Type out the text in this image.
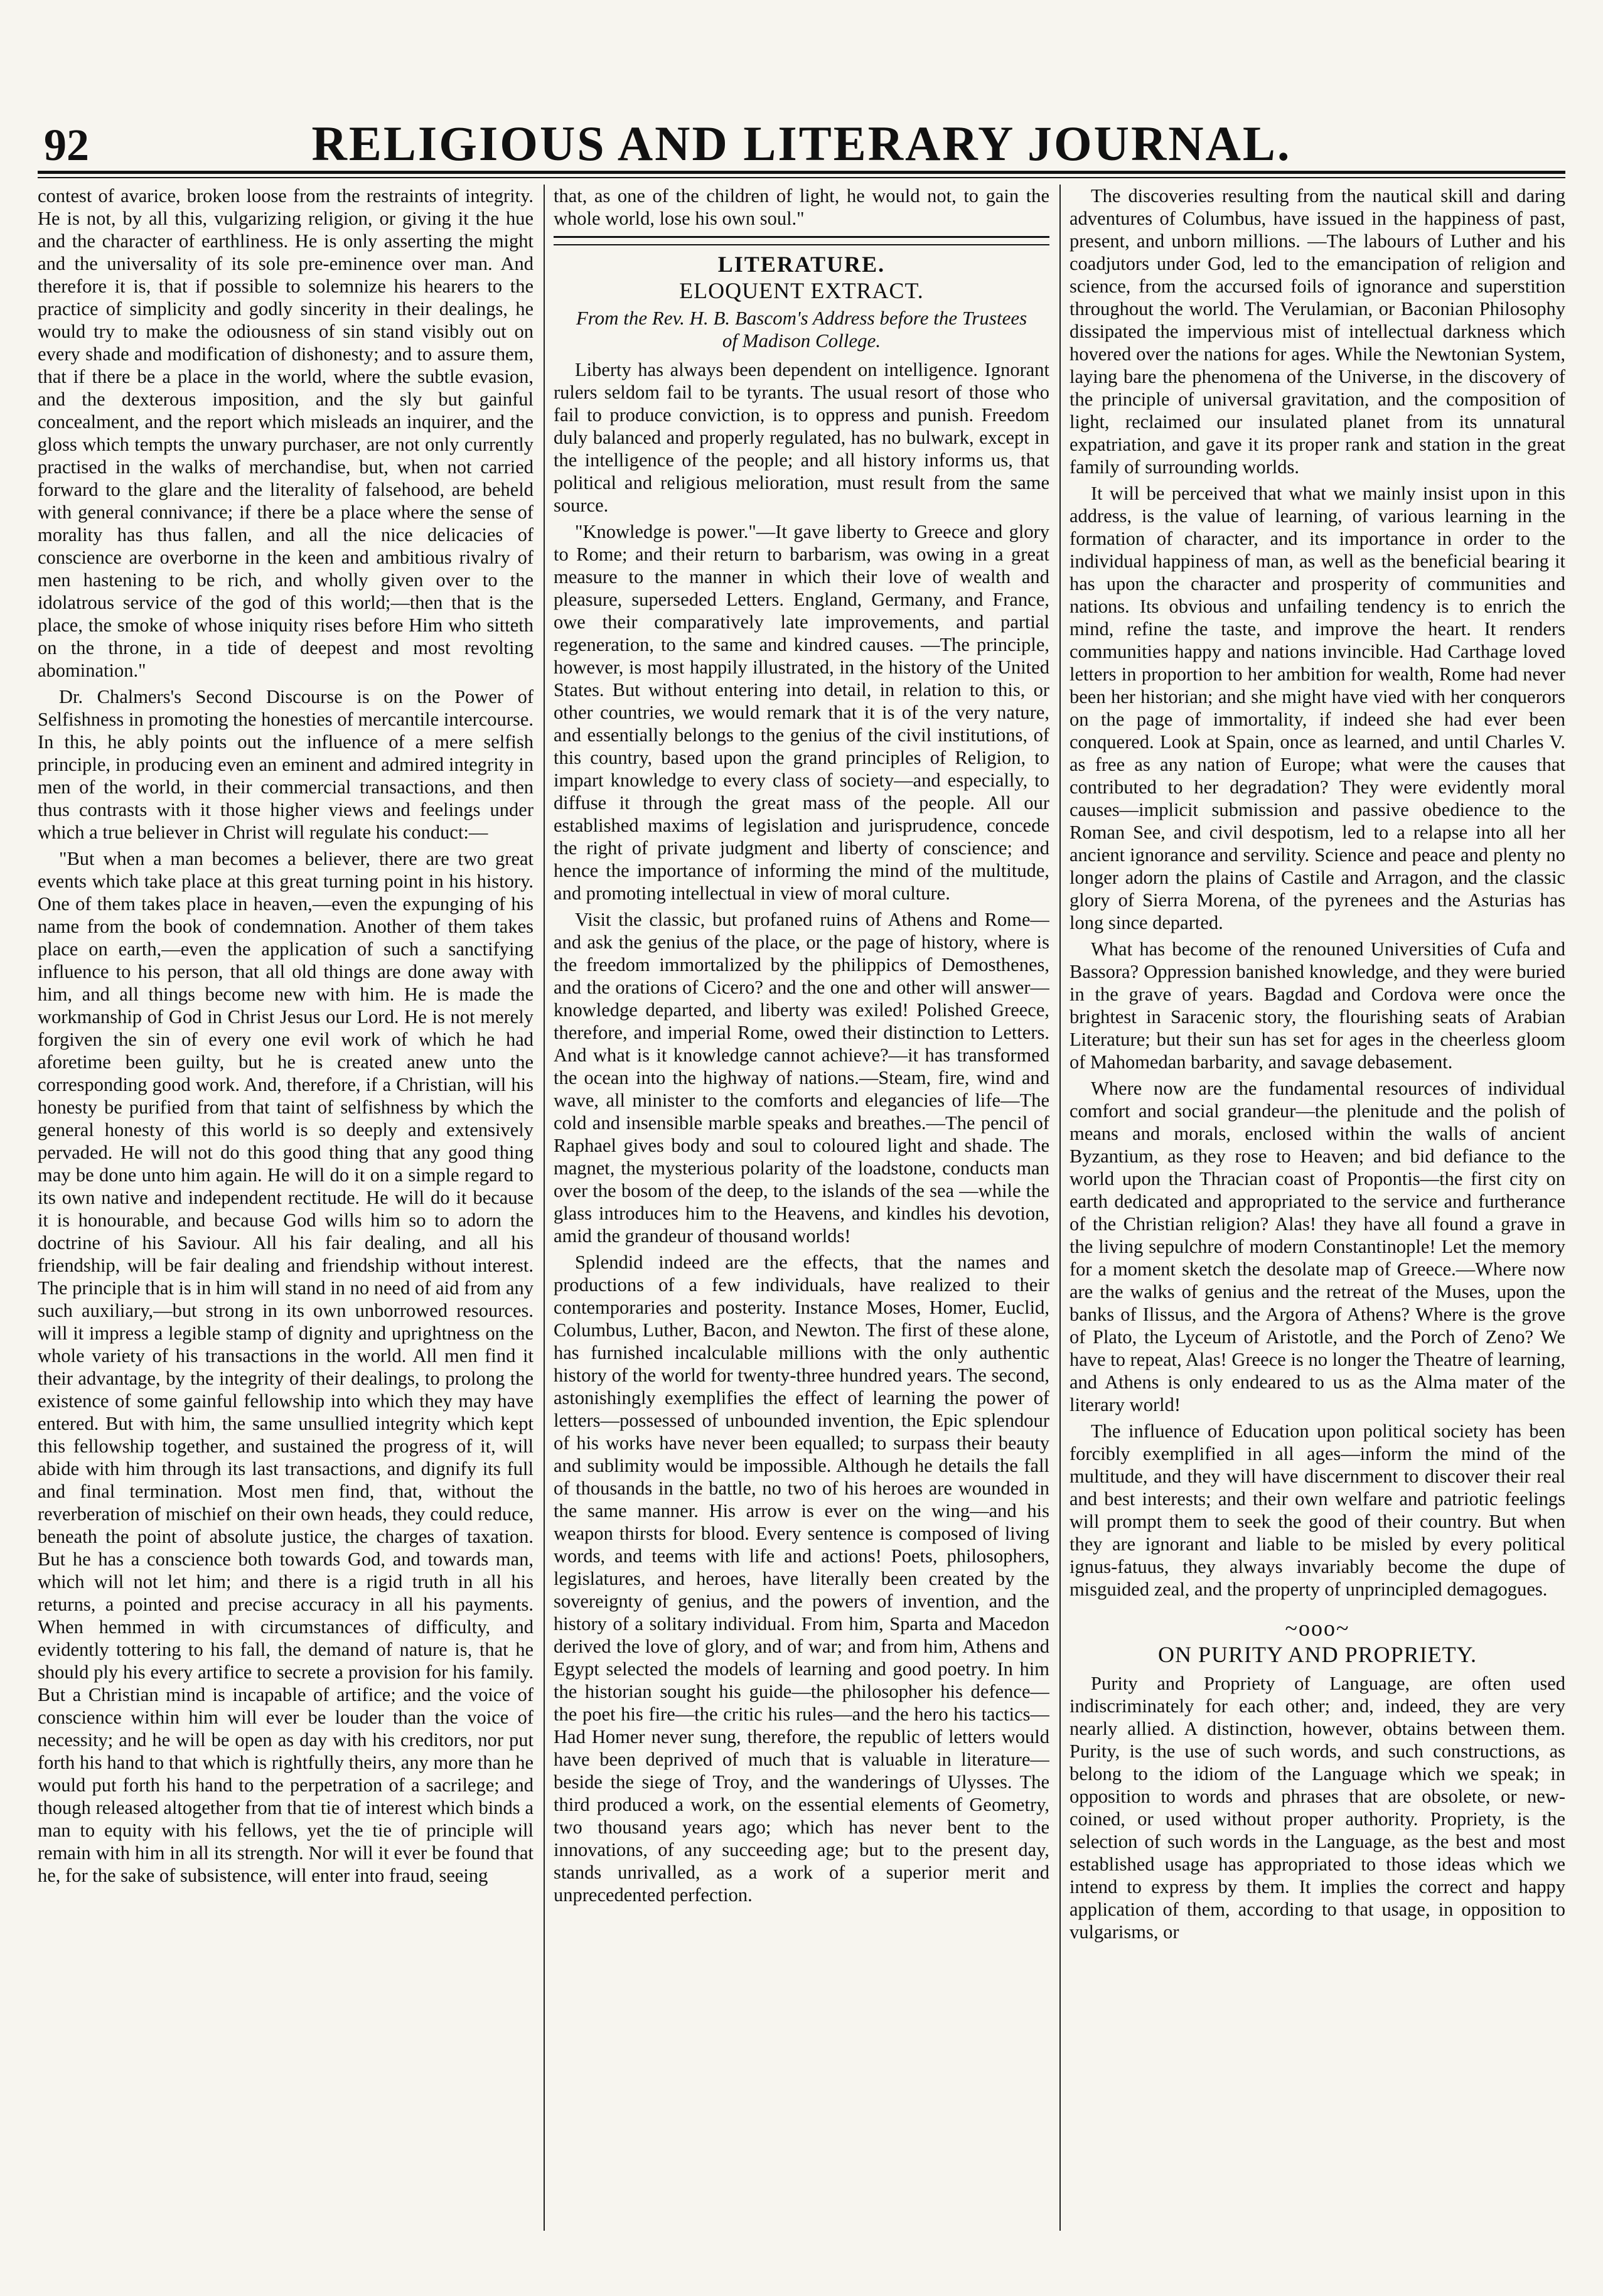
92	RELIGIOUS AND LITERARY JOURNAL.

contest of avarice, broken loose from the restraints of integrity. He is not, by all this, vulgarizing religion, or giving it the hue and the character of earthliness. He is only asserting the might and the universality of its sole pre-eminence over man. And therefore it is, that if possible to solemnize his hearers to the practice of simplicity and godly sincerity in their dealings, he would try to make the odiousness of sin stand visibly out on every shade and modification of dishonesty; and to assure them, that if there be a place in the world, where the subtle evasion, and the dexterous imposition, and the sly but gainful concealment, and the report which misleads an inquirer, and the gloss which tempts the unwary purchaser, are not only currently practised in the walks of merchandise, but, when not carried forward to the glare and the literality of falsehood, are beheld with general connivance; if there be a place where the sense of morality has thus fallen, and all the nice delicacies of conscience are overborne in the keen and ambitious rivalry of men hastening to be rich, and wholly given over to the idolatrous service of the god of this world;—then that is the place, the smoke of whose iniquity rises before Him who sitteth on the throne, in a tide of deepest and most revolting abomination."

Dr. Chalmers's Second Discourse is on the Power of Selfishness in promoting the honesties of mercantile intercourse. In this, he ably points out the influence of a mere selfish principle, in producing even an eminent and admired integrity in men of the world, in their commercial transactions, and then thus contrasts with it those higher views and feelings under which a true believer in Christ will regulate his conduct:—

"But when a man becomes a believer, there are two great events which take place at this great turning point in his history. One of them takes place in heaven,—even the expunging of his name from the book of condemnation. Another of them takes place on earth,—even the application of such a sanctifying influence to his person, that all old things are done away with him, and all things become new with him. He is made the workmanship of God in Christ Jesus our Lord. He is not merely forgiven the sin of every one evil work of which he had aforetime been guilty, but he is created anew unto the corresponding good work. And, therefore, if a Christian, will his honesty be purified from that taint of selfishness by which the general honesty of this world is so deeply and extensively pervaded. He will not do this good thing that any good thing may be done unto him again. He will do it on a simple regard to its own native and independent rectitude. He will do it because it is honourable, and because God wills him so to adorn the doctrine of his Saviour. All his fair dealing, and all his friendship, will be fair dealing and friendship without interest. The principle that is in him will stand in no need of aid from any such auxiliary,—but strong in its own unborrowed resources. will it impress a legible stamp of dignity and uprightness on the whole variety of his transactions in the world. All men find it their advantage, by the integrity of their dealings, to prolong the existence of some gainful fellowship into which they may have entered. But with him, the same unsullied integrity which kept this fellowship together, and sustained the progress of it, will abide with him through its last transactions, and dignify its full and final termination. Most men find, that, without the reverberation of mischief on their own heads, they could reduce, beneath the point of absolute justice, the charges of taxation. But he has a conscience both towards God, and towards man, which will not let him; and there is a rigid truth in all his returns, a pointed and precise accuracy in all his payments. When hemmed in with circumstances of difficulty, and evidently tottering to his fall, the demand of nature is, that he should ply his every artifice to secrete a provision for his family. But a Christian mind is incapable of artifice; and the voice of conscience within him will ever be louder than the voice of necessity; and he will be open as day with his creditors, nor put forth his hand to that which is rightfully theirs, any more than he would put forth his hand to the perpetration of a sacrilege; and though released altogether from that tie of interest which binds a man to equity with his fellows, yet the tie of principle will remain with him in all its strength. Nor will it ever be found that he, for the sake of subsistence, will enter into fraud, seeing

that, as one of the children of light, he would not, to gain the whole world, lose his own soul."

LITERATURE.
ELOQUENT EXTRACT.
From the Rev. H. B. Bascom's Address before the Trustees of Madison College.

Liberty has always been dependent on intelligence. Ignorant rulers seldom fail to be tyrants. The usual resort of those who fail to produce conviction, is to oppress and punish. Freedom duly balanced and properly regulated, has no bulwark, except in the intelligence of the people; and all history informs us, that political and religious melioration, must result from the same source.

"Knowledge is power."—It gave liberty to Greece and glory to Rome; and their return to barbarism, was owing in a great measure to the manner in which their love of wealth and pleasure, superseded Letters. England, Germany, and France, owe their comparatively late improvements, and partial regeneration, to the same and kindred causes. —The principle, however, is most happily illustrated, in the history of the United States. But without entering into detail, in relation to this, or other countries, we would remark that it is of the very nature, and essentially belongs to the genius of the civil institutions, of this country, based upon the grand principles of Religion, to impart knowledge to every class of society—and especially, to diffuse it through the great mass of the people. All our established maxims of legislation and jurisprudence, concede the right of private judgment and liberty of conscience; and hence the importance of informing the mind of the multitude, and promoting intellectual in view of moral culture.

Visit the classic, but profaned ruins of Athens and Rome—and ask the genius of the place, or the page of history, where is the freedom immortalized by the philippics of Demosthenes, and the orations of Cicero? and the one and other will answer—knowledge departed, and liberty was exiled! Polished Greece, therefore, and imperial Rome, owed their distinction to Letters. And what is it knowledge cannot achieve?—it has transformed the ocean into the highway of nations.—Steam, fire, wind and wave, all minister to the comforts and elegancies of life—The cold and insensible marble speaks and breathes.—The pencil of Raphael gives body and soul to coloured light and shade. The magnet, the mysterious polarity of the loadstone, conducts man over the bosom of the deep, to the islands of the sea —while the glass introduces him to the Heavens, and kindles his devotion, amid the grandeur of thousand worlds!

Splendid indeed are the effects, that the names and productions of a few individuals, have realized to their contemporaries and posterity. Instance Moses, Homer, Euclid, Columbus, Luther, Bacon, and Newton. The first of these alone, has furnished incalculable millions with the only authentic history of the world for twenty-three hundred years. The second, astonishingly exemplifies the effect of learning the power of letters—possessed of unbounded invention, the Epic splendour of his works have never been equalled; to surpass their beauty and sublimity would be impossible. Although he details the fall of thousands in the battle, no two of his heroes are wounded in the same manner. His arrow is ever on the wing—and his weapon thirsts for blood. Every sentence is composed of living words, and teems with life and actions! Poets, philosophers, legislatures, and heroes, have literally been created by the sovereignty of genius, and the powers of invention, and the history of a solitary individual. From him, Sparta and Macedon derived the love of glory, and of war; and from him, Athens and Egypt selected the models of learning and good poetry. In him the historian sought his guide—the philosopher his defence—the poet his fire—the critic his rules—and the hero his tactics—Had Homer never sung, therefore, the republic of letters would have been deprived of much that is valuable in literature—beside the siege of Troy, and the wanderings of Ulysses. The third produced a work, on the essential elements of Geometry, two thousand years ago; which has never bent to the innovations, of any succeeding age; but to the present day, stands unrivalled, as a work of a superior merit and unprecedented perfection.

The discoveries resulting from the nautical skill and daring adventures of Columbus, have issued in the happiness of past, present, and unborn millions. —The labours of Luther and his coadjutors under God, led to the emancipation of religion and science, from the accursed foils of ignorance and superstition throughout the world. The Verulamian, or Baconian Philosophy dissipated the impervious mist of intellectual darkness which hovered over the nations for ages. While the Newtonian System, laying bare the phenomena of the Universe, in the discovery of the principle of universal gravitation, and the composition of light, reclaimed our insulated planet from its unnatural expatriation, and gave it its proper rank and station in the great family of surrounding worlds.

It will be perceived that what we mainly insist upon in this address, is the value of learning, of various learning in the formation of character, and its importance in order to the individual happiness of man, as well as the beneficial bearing it has upon the character and prosperity of communities and nations. Its obvious and unfailing tendency is to enrich the mind, refine the taste, and improve the heart. It renders communities happy and nations invincible. Had Carthage loved letters in proportion to her ambition for wealth, Rome had never been her historian; and she might have vied with her conquerors on the page of immortality, if indeed she had ever been conquered. Look at Spain, once as learned, and until Charles V. as free as any nation of Europe; what were the causes that contributed to her degradation? They were evidently moral causes—implicit submission and passive obedience to the Roman See, and civil despotism, led to a relapse into all her ancient ignorance and servility. Science and peace and plenty no longer adorn the plains of Castile and Arragon, and the classic glory of Sierra Morena, of the pyrenees and the Asturias has long since departed.

What has become of the renouned Universities of Cufa and Bassora? Oppression banished knowledge, and they were buried in the grave of years. Bagdad and Cordova were once the brightest in Saracenic story, the flourishing seats of Arabian Literature; but their sun has set for ages in the cheerless gloom of Mahomedan barbarity, and savage debasement.

Where now are the fundamental resources of individual comfort and social grandeur—the plenitude and the polish of means and morals, enclosed within the walls of ancient Byzantium, as they rose to Heaven; and bid defiance to the world upon the Thracian coast of Propontis—the first city on earth dedicated and appropriated to the service and furtherance of the Christian religion? Alas! they have all found a grave in the living sepulchre of modern Constantinople! Let the memory for a moment sketch the desolate map of Greece.—Where now are the walks of genius and the retreat of the Muses, upon the banks of Ilissus, and the Argora of Athens? Where is the grove of Plato, the Lyceum of Aristotle, and the Porch of Zeno? We have to repeat, Alas! Greece is no longer the Theatre of learning, and Athens is only endeared to us as the Alma mater of the literary world!

The influence of Education upon political society has been forcibly exemplified in all ages—inform the mind of the multitude, and they will have discernment to discover their real and best interests; and their own welfare and patriotic feelings will prompt them to seek the good of their country. But when they are ignorant and liable to be misled by every political ignus-fatuus, they always invariably become the dupe of misguided zeal, and the property of unprincipled demagogues.

~ooo~
ON PURITY AND PROPRIETY.

Purity and Propriety of Language, are often used indiscriminately for each other; and, indeed, they are very nearly allied. A distinction, however, obtains between them. Purity, is the use of such words, and such constructions, as belong to the idiom of the Language which we speak; in opposition to words and phrases that are obsolete, or new-coined, or used without proper authority. Propriety, is the selection of such words in the Language, as the best and most established usage has appropriated to those ideas which we intend to express by them. It implies the correct and happy application of them, according to that usage, in opposition to vulgarisms, or
